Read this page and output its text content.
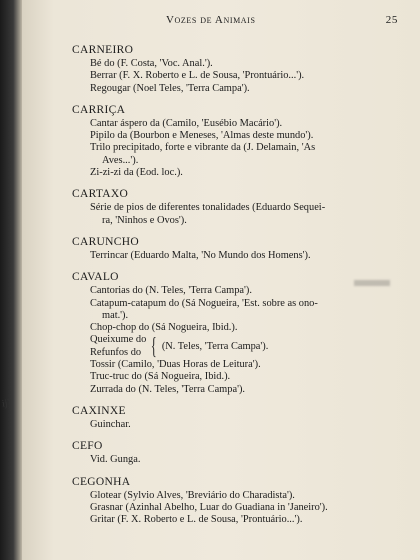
ij)
Vozes de Animais	25
CARNEIRO
Bé do (F. Costa, 'Voc. Anal.').
Berrar (F. X. Roberto e L. de Sousa, 'Prontuário...').
Regougar (Noel Teles, 'Terra Campa').
CARRIÇA
Cantar áspero da (Camilo, 'Eusébio Macário').
Pipilo da (Bourbon e Meneses, 'Almas deste mundo').
Trilo precipitado, forte e vibrante da (J. Delamain, 'As
Aves...').
Zi-zi-zi da (Eod. loc.).
CARTAXO
Série de pios de diferentes tonalidades (Eduardo Sequei-
ra, 'Ninhos e Ovos').
CARUNCHO
Terrincar (Eduardo Malta, 'No Mundo dos Homens').
CAVALO
Cantorias do (N. Teles, 'Terra Campa').
Catapum-catapum do (Sá Nogueira, 'Est. sobre as ono-
mat.').
Chop-chop do (Sá Nogueira, Ibid.).
Queixume do
Refunfos do { (N. Teles, 'Terra Campa').
Tossir (Camilo, 'Duas Horas de Leitura').
Truc-truc do (Sá Nogueira, Ibid.).
Zurrada do (N. Teles, 'Terra Campa').
CAXINXE
Guinchar.
CEFO
Vid. Gunga.
CEGONHA
Glotear (Sylvio Alves, 'Breviário do Charadista').
Grasnar (Azinhal Abelho, Luar do Guadiana in 'Janeiro').
Gritar (F. X. Roberto e L. de Sousa, 'Prontuário...').
